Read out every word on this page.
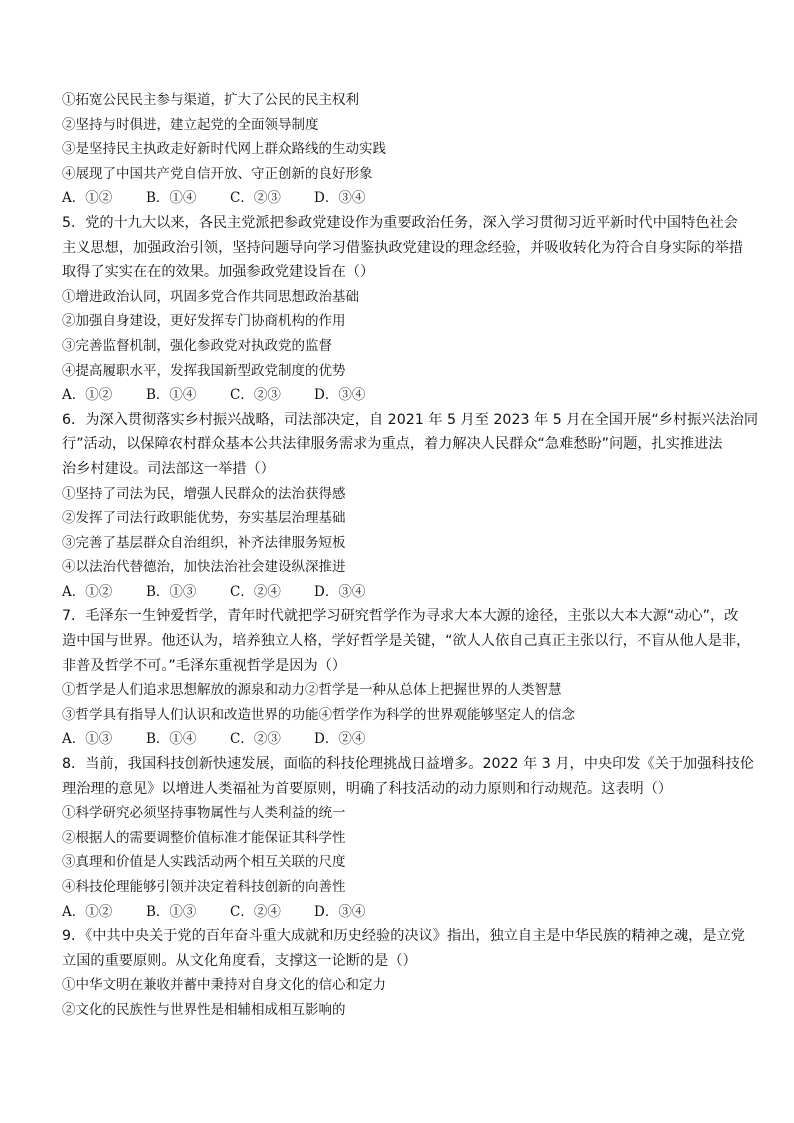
①拓宽公民民主参与渠道，扩大了公民的民主权利
②坚持与时俱进，建立起党的全面领导制度
③是坚持民主执政走好新时代网上群众路线的生动实践
④展现了中国共产党自信开放、守正创新的良好形象
A．①②	B．①④	C．②③	D．③④
5．党的十九大以来，各民主党派把参政党建设作为重要政治任务，深入学习贯彻习近平新时代中国特色社会
主义思想，加强政治引领，坚持问题导向学习借鉴执政党建设的理念经验，并吸收转化为符合自身实际的举措
取得了实实在在的效果。加强参政党建设旨在（）
①增进政治认同，巩固多党合作共同思想政治基础
②加强自身建设，更好发挥专门协商机构的作用
③完善监督机制，强化参政党对执政党的监督
④提高履职水平，发挥我国新型政党制度的优势
A．①②	B．①④	C．②③	D．③④
6．为深入贯彻落实乡村振兴战略，司法部决定，自 2021 年 5 月至 2023 年 5 月在全国开展“乡村振兴法治同
行”活动，以保障农村群众基本公共法律服务需求为重点，着力解决人民群众“急难愁盼”问题，扎实推进法
治乡村建设。司法部这一举措（）
①坚持了司法为民，增强人民群众的法治获得感
②发挥了司法行政职能优势，夯实基层治理基础
③完善了基层群众自治组织，补齐法律服务短板
④以法治代替德治，加快法治社会建设纵深推进
A．①②	B．①③	C．②④	D．③④
7．毛泽东一生钟爱哲学，青年时代就把学习研究哲学作为寻求大本大源的途径，主张以大本大源“动心”，改
造中国与世界。他还认为，培养独立人格，学好哲学是关键，“欲人人依自己真正主张以行，不盲从他人是非，
非普及哲学不可。”毛泽东重视哲学是因为（）
①哲学是人们追求思想解放的源泉和动力②哲学是一种从总体上把握世界的人类智慧
③哲学具有指导人们认识和改造世界的功能④哲学作为科学的世界观能够坚定人的信念
A．①③	B．①④	C．②③	D．②④
8．当前，我国科技创新快速发展，面临的科技伦理挑战日益增多。2022 年 3 月，中央印发《关于加强科技伦
理治理的意见》以增进人类福祉为首要原则，明确了科技活动的动力原则和行动规范。这表明（）
①科学研究必须坚持事物属性与人类利益的统一
②根据人的需要调整价值标准才能保证其科学性
③真理和价值是人实践活动两个相互关联的尺度
④科技伦理能够引领并决定着科技创新的向善性
A．①②	B．①③	C．②④	D．③④
9．《中共中央关于党的百年奋斗重大成就和历史经验的决议》指出，独立自主是中华民族的精神之魂，是立党
立国的重要原则。从文化角度看，支撑这一论断的是（）
①中华文明在兼收并蓄中秉持对自身文化的信心和定力
②文化的民族性与世界性是相辅相成相互影响的
